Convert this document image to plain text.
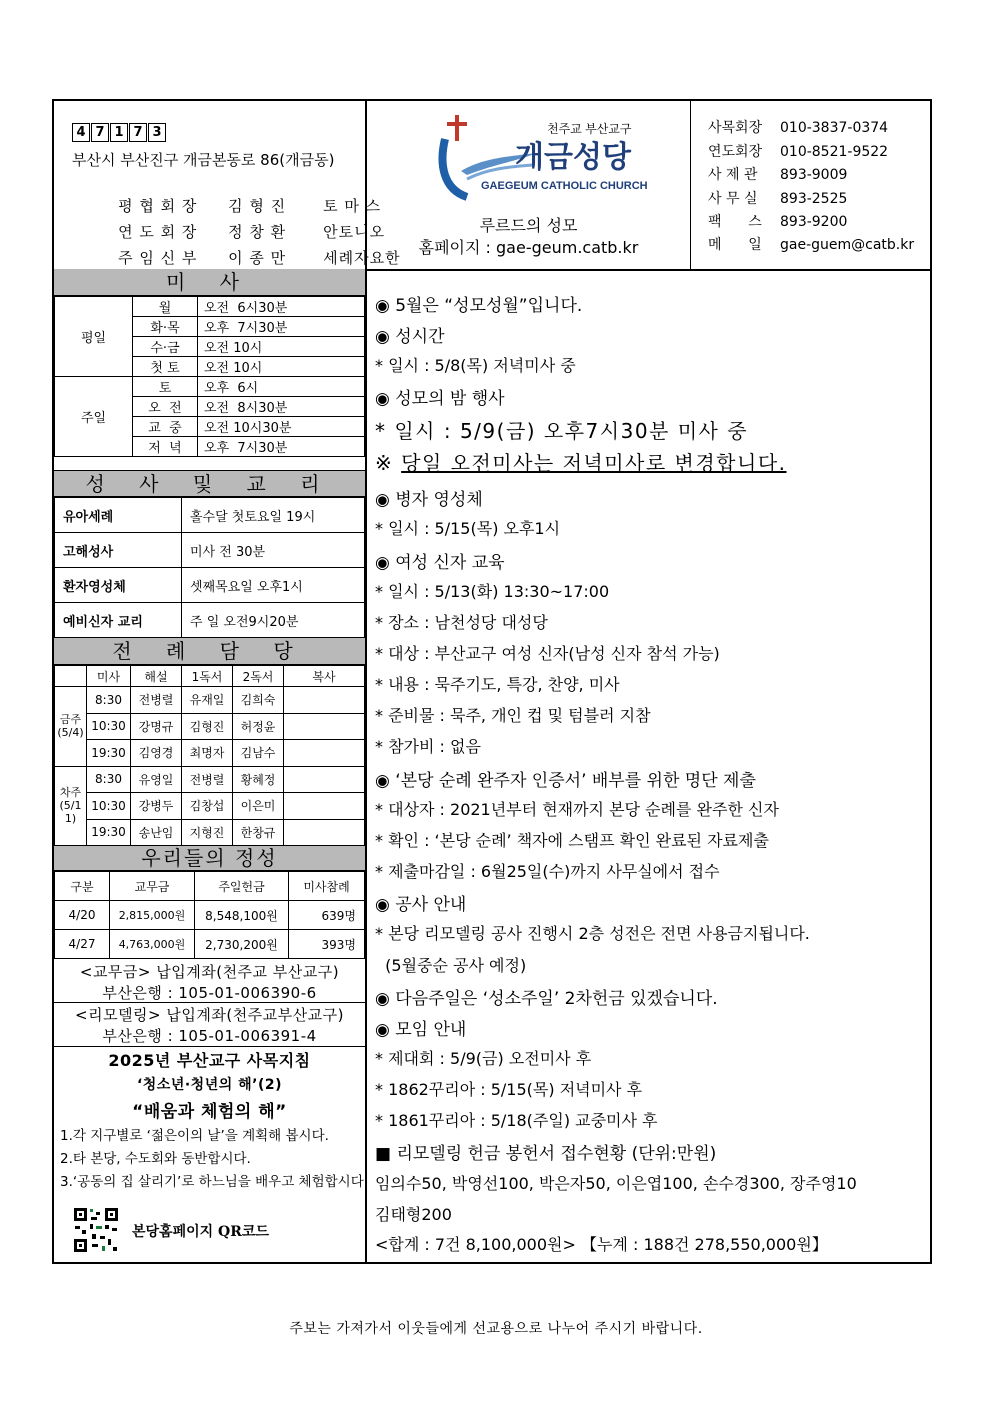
4 7 1 7 3
부산시 부산진구 개금본동로 86(개금동)

평 협 회 장 김 형 진 토 마 스

연 도 회 장 정 창 환 안토니오

주 임 신 부 이 종 만 세례자요한

천주교 부산교구
개금성당
GAEGEUM CATHOLIC CHURCH
루르드의 성모
홈페이지 : gae-geum.catb.kr
사목회장 010-3837-0374
연도회장 010-8521-9522
사 제 관 893-9009
사 무 실 893-2525
팩      스 893-9200
메      일 gae-guem@catb.kr
미 사
평일	월	오전  6시30분
	화·목	오후  7시30분
	수·금	오전 10시
	첫 토	오전 10시
주일	토	오후  6시
	오  전	오전  8시30분
	교  중	오전 10시30분
	저  녁	오후  7시30분
성 사 및 교 리
유아세례	홀수달 첫토요일 19시
고해성사	미사 전 30분
환자영성체	셋째목요일 오후1시
예비신자 교리	주 일 오전9시20분
전 례 담 당
	미사	해설	1독서	2독서	복사
금주(5/4)	8:30	전병렬	유재일	김희숙	
	10:30	강명규	김형진	허정윤	
	19:30	김영경	최명자	김남수	
차주(5/11)	8:30	유영일	전병렬	황혜정	
	10:30	강병두	김창섭	이은미	
	19:30	송난임	지형진	한창규	
우리들의 정성
구분	교무금	주일헌금	미사참례
4/20	2,815,000원	8,548,100원	639명
4/27	4,763,000원	2,730,200원	393명
<교무금> 납입계좌(천주교 부산교구)
부산은행 : 105-01-006390-6
<리모델링> 납입계좌(천주교부산교구)
부산은행 : 105-01-006391-4
2025년 부산교구 사목지침
‘청소년·청년의 해’(2)
“배움과 체험의 해”
1.각 지구별로 ‘젊은이의 날’을 계획해 봅시다.
2.타 본당, 수도회와 동반합시다.
3.‘공동의 집 살리기’로 하느님을 배우고 체험합시다
본당홈페이지 QR코드
◉ 5월은 “성모성월”입니다.
◉ 성시간
* 일시 : 5/8(목) 저녁미사 중
◉ 성모의 밤 행사
* 일시 : 5/9(금) 오후7시30분 미사 중
※ 당일 오전미사는 저녁미사로 변경합니다.
◉ 병자 영성체
* 일시 : 5/15(목) 오후1시
◉ 여성 신자 교육
* 일시 : 5/13(화) 13:30~17:00
* 장소 : 남천성당 대성당
* 대상 : 부산교구 여성 신자(남성 신자 참석 가능)
* 내용 : 묵주기도, 특강, 찬양, 미사
* 준비물 : 묵주, 개인 컵 및 텀블러 지참
* 참가비 : 없음
◉ ‘본당 순례 완주자 인증서’ 배부를 위한 명단 제출
* 대상자 : 2021년부터 현재까지 본당 순례를 완주한 신자
* 확인 : ‘본당 순례’ 책자에 스탬프 확인 완료된 자료제출
* 제출마감일 : 6월25일(수)까지 사무실에서 접수
◉ 공사 안내
* 본당 리모델링 공사 진행시 2층 성전은 전면 사용금지됩니다.
(5월중순 공사 예정)
◉ 다음주일은 ‘성소주일’ 2차헌금 있겠습니다.
◉ 모임 안내
* 제대회 : 5/9(금) 오전미사 후
* 1862꾸리아 : 5/15(목) 저녁미사 후
* 1861꾸리아 : 5/18(주일) 교중미사 후
■ 리모델링 헌금 봉헌서 접수현황 (단위:만원)
임의수50, 박영선100, 박은자50, 이은엽100, 손수경300, 장주영10
김태형200
<합계 : 7건 8,100,000원> 【누계 : 188건 278,550,000원】
주보는 가져가서 이웃들에게 선교용으로 나누어 주시기 바랍니다.
